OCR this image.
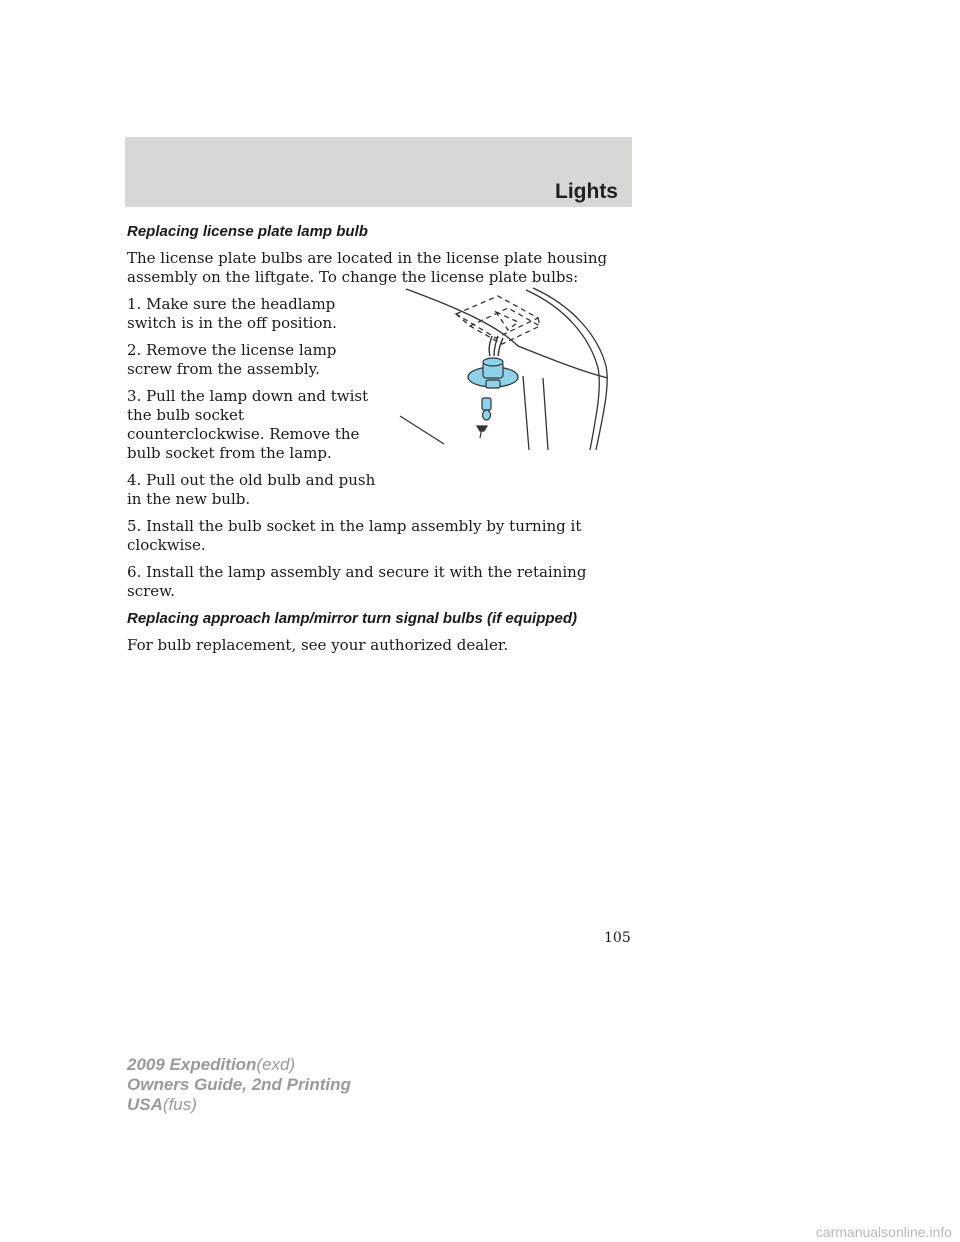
Lights
Replacing license plate lamp bulb

The license plate bulbs are located in the license plate housing assembly on the liftgate. To change the license plate bulbs:

1. Make sure the headlamp switch is in the off position.

2. Remove the license lamp screw from the assembly.

3. Pull the lamp down and twist the bulb socket counterclockwise. Remove the bulb socket from the lamp.

4. Pull out the old bulb and push in the new bulb.

5. Install the bulb socket in the lamp assembly by turning it clockwise.

6. Install the lamp assembly and secure it with the retaining screw.

Replacing approach lamp/mirror turn signal bulbs (if equipped)

For bulb replacement, see your authorized dealer.

105
2009 Expedition(exd)
Owners Guide, 2nd Printing
USA(fus)
carmanualsonline.info
